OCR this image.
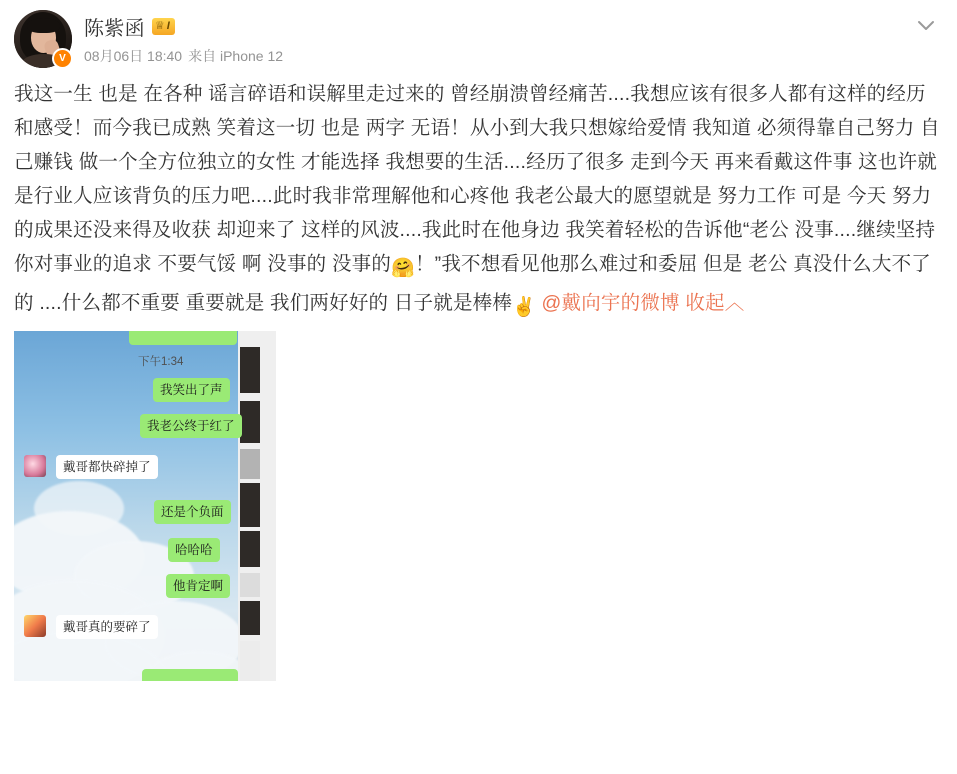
V
陈紫函 ♕ I
08月06日 18:40 来自 iPhone 12
我这一生 也是 在各种 谣言碎语和误解里走过来的 曾经崩溃曾经痛苦....我想应该有很多人都有这样的经历和感受！而今我已成熟 笑着这一切 也是 两字 无语！从小到大我只想嫁给爱情 我知道 必须得靠自己努力 自己赚钱 做一个全方位独立的女性 才能选择 我想要的生活....经历了很多 走到今天 再来看戴这件事 这也许就是行业人应该背负的压力吧....此时我非常理解他和心疼他 我老公最大的愿望就是 努力工作 可是 今天 努力的成果还没来得及收获 却迎来了 这样的风波....我此时在他身边 我笑着轻松的告诉他“老公 没事....继续坚持你对事业的追求 不要气馁 啊 没事的 没事的🤗！”我不想看见他那么难过和委屈 但是 老公 真没什么大不了的 ....什么都不重要 重要就是 我们两好好的 日子就是棒棒✌ @戴向宇的微博 收起︿
下午1:34
我笑出了声
我老公终于红了
戴哥都快碎掉了
还是个负面
哈哈哈
他肯定啊
戴哥真的要碎了
